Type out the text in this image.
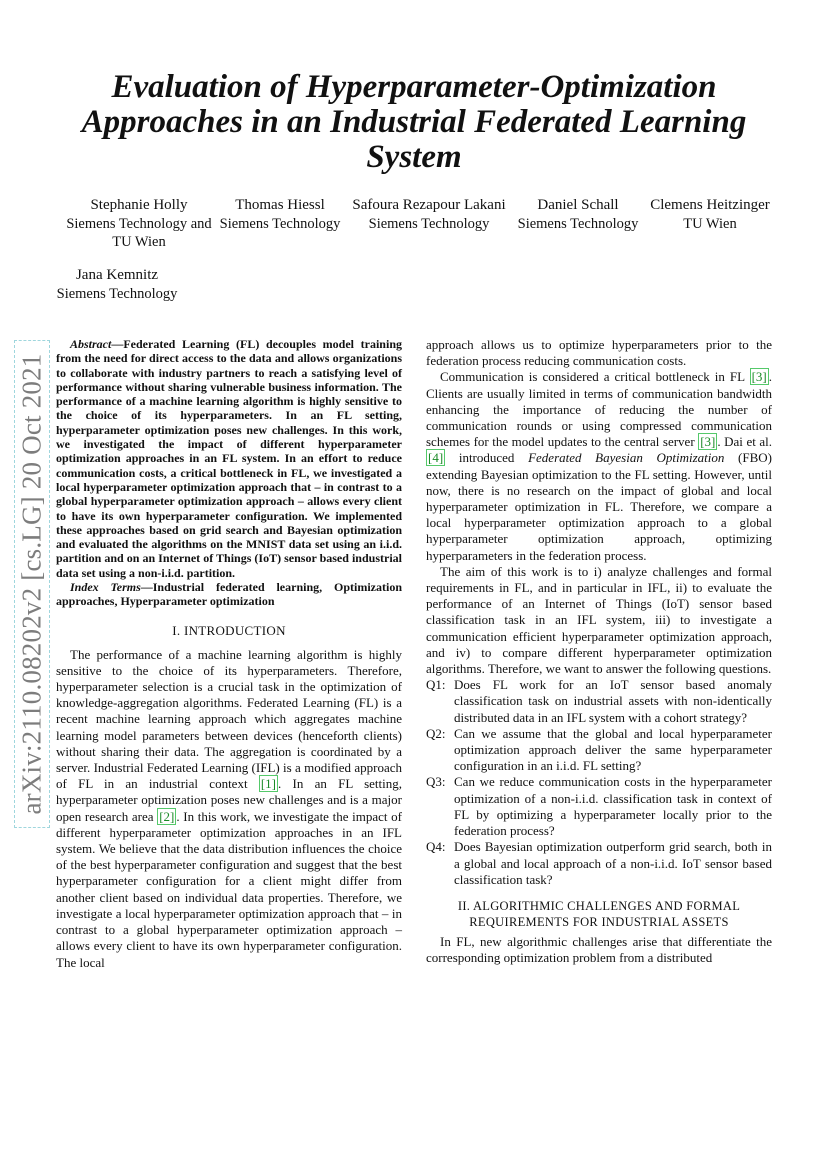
Evaluation of Hyperparameter-Optimization
Approaches in an Industrial Federated Learning
System
Stephanie Holly
Siemens Technology and
TU Wien
Thomas Hiessl
Siemens Technology
Safoura Rezapour Lakani
Siemens Technology
Daniel Schall
Siemens Technology
Clemens Heitzinger
TU Wien
Jana Kemnitz
Siemens Technology
arXiv:2110.08202v2 [cs.LG] 20 Oct 2021

Abstract—Federated Learning (FL) decouples model training from the need for direct access to the data and allows organizations to collaborate with industry partners to reach a satisfying level of performance without sharing vulnerable business information. The performance of a machine learning algorithm is highly sensitive to the choice of its hyperparameters. In an FL setting, hyperparameter optimization poses new challenges. In this work, we investigated the impact of different hyperparameter optimization approaches in an FL system. In an effort to reduce communication costs, a critical bottleneck in FL, we investigated a local hyperparameter optimization approach that – in contrast to a global hyperparameter optimization approach – allows every client to have its own hyperparameter configuration. We implemented these approaches based on grid search and Bayesian optimization and evaluated the algorithms on the MNIST data set using an i.i.d. partition and on an Internet of Things (IoT) sensor based industrial data set using a non-i.i.d. partition.

Index Terms—Industrial federated learning, Optimization approaches, Hyperparameter optimization

I. INTRODUCTION

The performance of a machine learning algorithm is highly sensitive to the choice of its hyperparameters. Therefore, hyperparameter selection is a crucial task in the optimization of knowledge-aggregation algorithms. Federated Learning (FL) is a recent machine learning approach which aggregates machine learning model parameters between devices (henceforth clients) without sharing their data. The aggregation is coordinated by a server. Industrial Federated Learning (IFL) is a modified approach of FL in an industrial context [1] . In an FL setting, hyperparameter optimization poses new challenges and is a major open research area [2] . In this work, we investigate the impact of different hyperparameter optimization approaches in an IFL system. We believe that the data distribution influences the choice of the best hyperparameter configuration and suggest that the best hyperparameter configuration for a client might differ from another client based on individual data properties. Therefore, we investigate a local hyperparameter optimization approach that – in contrast to a global hyperparameter optimization approach – allows every client to have its own hyperparameter configuration. The local

approach allows us to optimize hyperparameters prior to the federation process reducing communication costs.

Communication is considered a critical bottleneck in FL [3] . Clients are usually limited in terms of communication bandwidth enhancing the importance of reducing the number of communication rounds or using compressed communication schemes for the model updates to the central server [3] . Dai et al. [4] introduced Federated Bayesian Optimization (FBO) extending Bayesian optimization to the FL setting. However, until now, there is no research on the impact of global and local hyperparameter optimization in FL. Therefore, we compare a local hyperparameter optimization approach to a global hyperparameter optimization approach, optimizing hyperparameters in the federation process.

The aim of this work is to i) analyze challenges and formal requirements in FL, and in particular in IFL, ii) to evaluate the performance of an Internet of Things (IoT) sensor based classification task in an IFL system, iii) to investigate a communication efficient hyperparameter optimization approach, and iv) to compare different hyperparameter optimization algorithms. Therefore, we want to answer the following questions.

Q1: Does FL work for an IoT sensor based anomaly classification task on industrial assets with non-identically distributed data in an IFL system with a cohort strategy?
Q2: Can we assume that the global and local hyperparameter optimization approach deliver the same hyperparameter configuration in an i.i.d. FL setting?
Q3: Can we reduce communication costs in the hyperparameter optimization of a non-i.i.d. classification task in context of FL by optimizing a hyperparameter locally prior to the federation process?
Q4: Does Bayesian optimization outperform grid search, both in a global and local approach of a non-i.i.d. IoT sensor based classification task?
II. ALGORITHMIC CHALLENGES AND FORMAL
REQUIREMENTS FOR INDUSTRIAL ASSETS

In FL, new algorithmic challenges arise that differentiate the corresponding optimization problem from a distributed
